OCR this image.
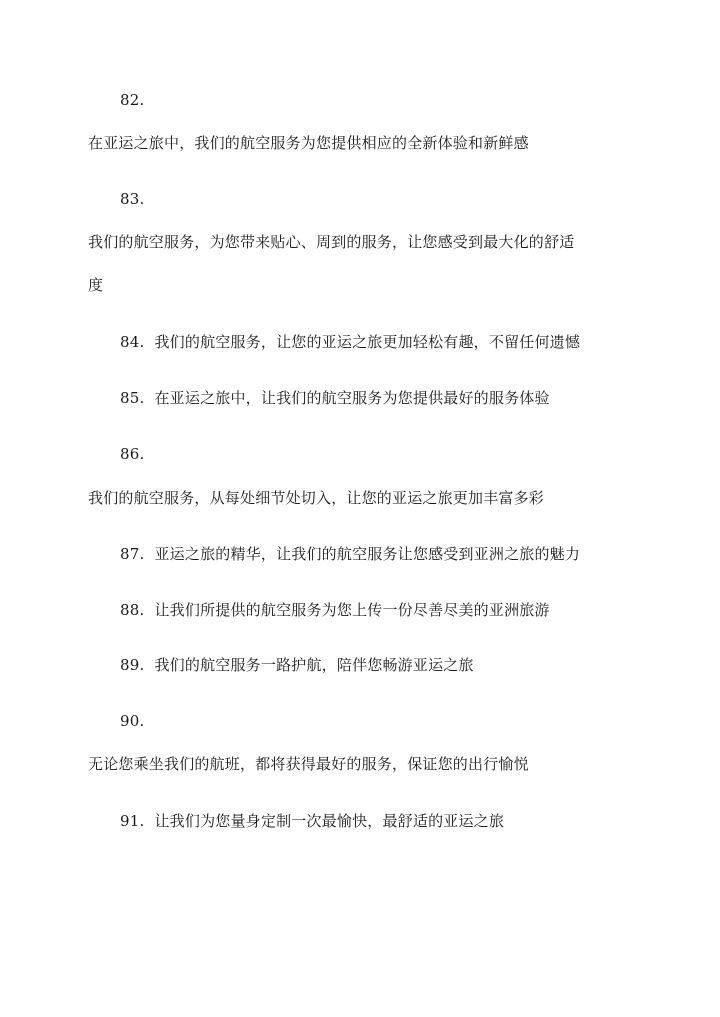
82.
在亚运之旅中，我们的航空服务为您提供相应的全新体验和新鲜感
83.
我们的航空服务，为您带来贴心、周到的服务，让您感受到最大化的舒适
度
84. 我们的航空服务，让您的亚运之旅更加轻松有趣，不留任何遗憾
85. 在亚运之旅中，让我们的航空服务为您提供最好的服务体验
86.
我们的航空服务，从每处细节处切入，让您的亚运之旅更加丰富多彩
87. 亚运之旅的精华，让我们的航空服务让您感受到亚洲之旅的魅力
88. 让我们所提供的航空服务为您上传一份尽善尽美的亚洲旅游
89. 我们的航空服务一路护航，陪伴您畅游亚运之旅
90.
无论您乘坐我们的航班，都将获得最好的服务，保证您的出行愉悦
91. 让我们为您量身定制一次最愉快，最舒适的亚运之旅
